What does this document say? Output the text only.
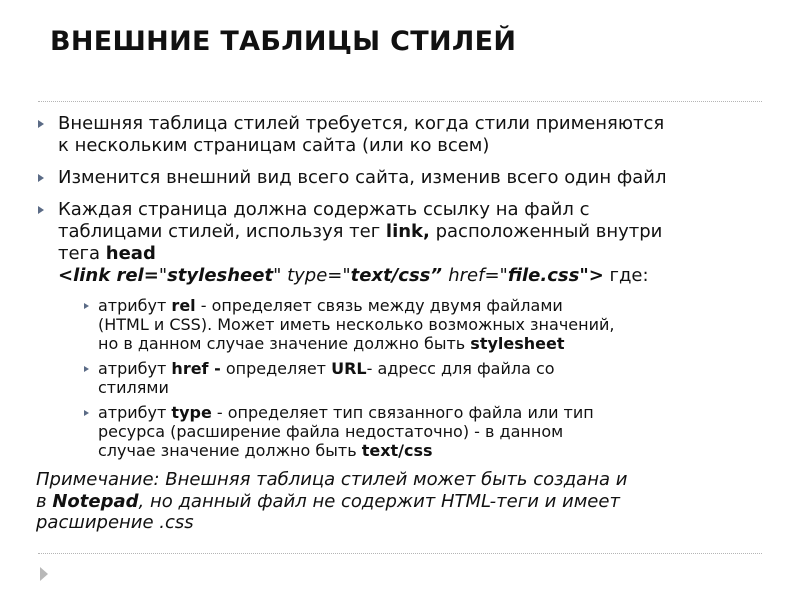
ВНЕШНИЕ ТАБЛИЦЫ СТИЛЕЙ
Внешняя таблица стилей требуется, когда стили применяются
к нескольким страницам сайта (или ко всем)
Изменится внешний вид всего сайта, изменив всего один файл
Каждая страница должна содержать ссылку на файл с
таблицами стилей, используя тег link, расположенный внутри
тега head
<link rel="stylesheet" type="text/css” href="file.css"> где:
атрибут rel - определяет связь между двумя файлами
(HTML и CSS). Может иметь несколько возможных значений,
но в данном случае значение должно быть stylesheet
атрибут href - определяет URL- адресс для файла со
стилями
атрибут type - определяет тип связанного файла или тип
ресурса (расширение файла недостаточно) - в данном
случае значение должно быть text/css
Примечание: Внешняя таблица стилей может быть создана и
в Notepad, но данный файл не содержит HTML-теги и имеет
расширение .css
